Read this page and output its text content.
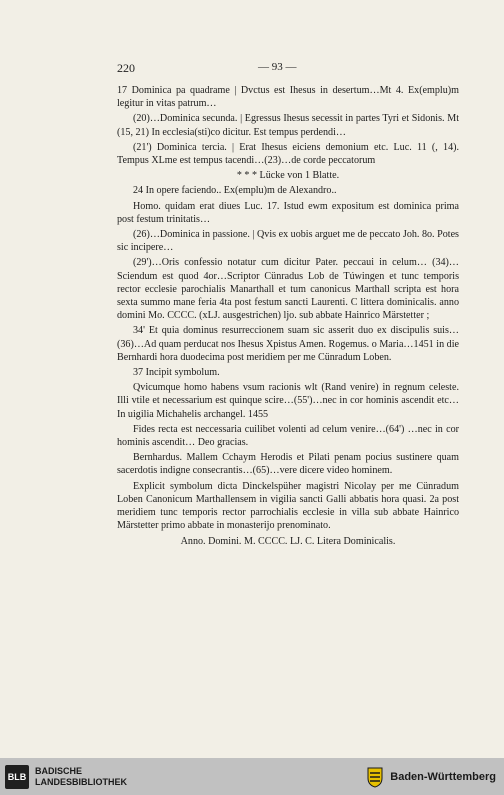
220	— 93 —

17 Dominica pa quadrame | Dvctus est Ihesus in desertum…Mt 4. Ex(emplu)m legitur in vitas patrum…

(20)…Dominica secunda. | Egressus Ihesus secessit in partes Tyri et Sidonis. Mt (15, 21) In ecclesia(sti)co dicitur. Est tempus perdendi…

(21') Dominica tercia. | Erat Ihesus eiciens demonium etc. Luc. 11 (, 14). Tempus XLme est tempus tacendi…(23)…de corde peccatorum

* * * Lücke von 1 Blatte.

24 In opere faciendo.. Ex(emplu)m de Alexandro..

Homo. quidam erat diues Luc. 17. Istud ewm expositum est dominica prima post festum trinitatis…

(26)…Dominica in passione. | Qvis ex uobis arguet me de peccato Joh. 8o. Potes sic incipere…

(29')…Oris confessio notatur cum dicitur Pater. peccaui in celum… (34)…Sciendum est quod 4or…Scriptor Cünradus Lob de Túwingen et tunc temporis rector ecclesie parochialis Manarthall et tum canonicus Marthall scripta est hora sexta summo mane feria 4ta post festum sancti Laurenti. C littera dominicalis. anno domini Mo. CCCC. (xLJ. ausgestrichen) ljo. sub abbate Hainrico Märstetter ;

34' Et quia dominus resurreccionem suam sic asserit duo ex discipulis suis…(36)…Ad quam perducat nos Ihesus Xpistus Amen. Rogemus. o Maria…1451 in die Bernhardi hora duodecima post meridiem per me Cünradum Loben.

37 Incipit symbolum.

Qvicumque homo habens vsum racionis wlt (Rand venire) in regnum celeste. Illi vtile et necessarium est quinque scire…(55')…nec in cor hominis ascendit etc…In uigilia Michahelis archangel. 1455

Fides recta est neccessaria cuilibet volenti ad celum venire…(64') …nec in cor hominis ascendit… Deo gracias.

Bernhardus. Mallem Cchaym Herodis et Pilati penam pocius sustinere quam sacerdotis indigne consecrantis…(65)…vere dicere video hominem.

Explicit symbolum dicta Dinckelspüher magistri Nicolay per me Cünradum Loben Canonicum Marthallensem in vigilia sancti Galli abbatis hora quasi. 2a post meridiem tunc temporis rector parrochialis ecclesie in villa sub abbate Hainrico Märstetter primo abbate in monasterijo prenominato.

Anno. Domini. M. CCCC. LJ. C. Litera Dominicalis.

BLB
BADISCHE
LANDESBIBLIOTHEK	Baden-Württemberg
